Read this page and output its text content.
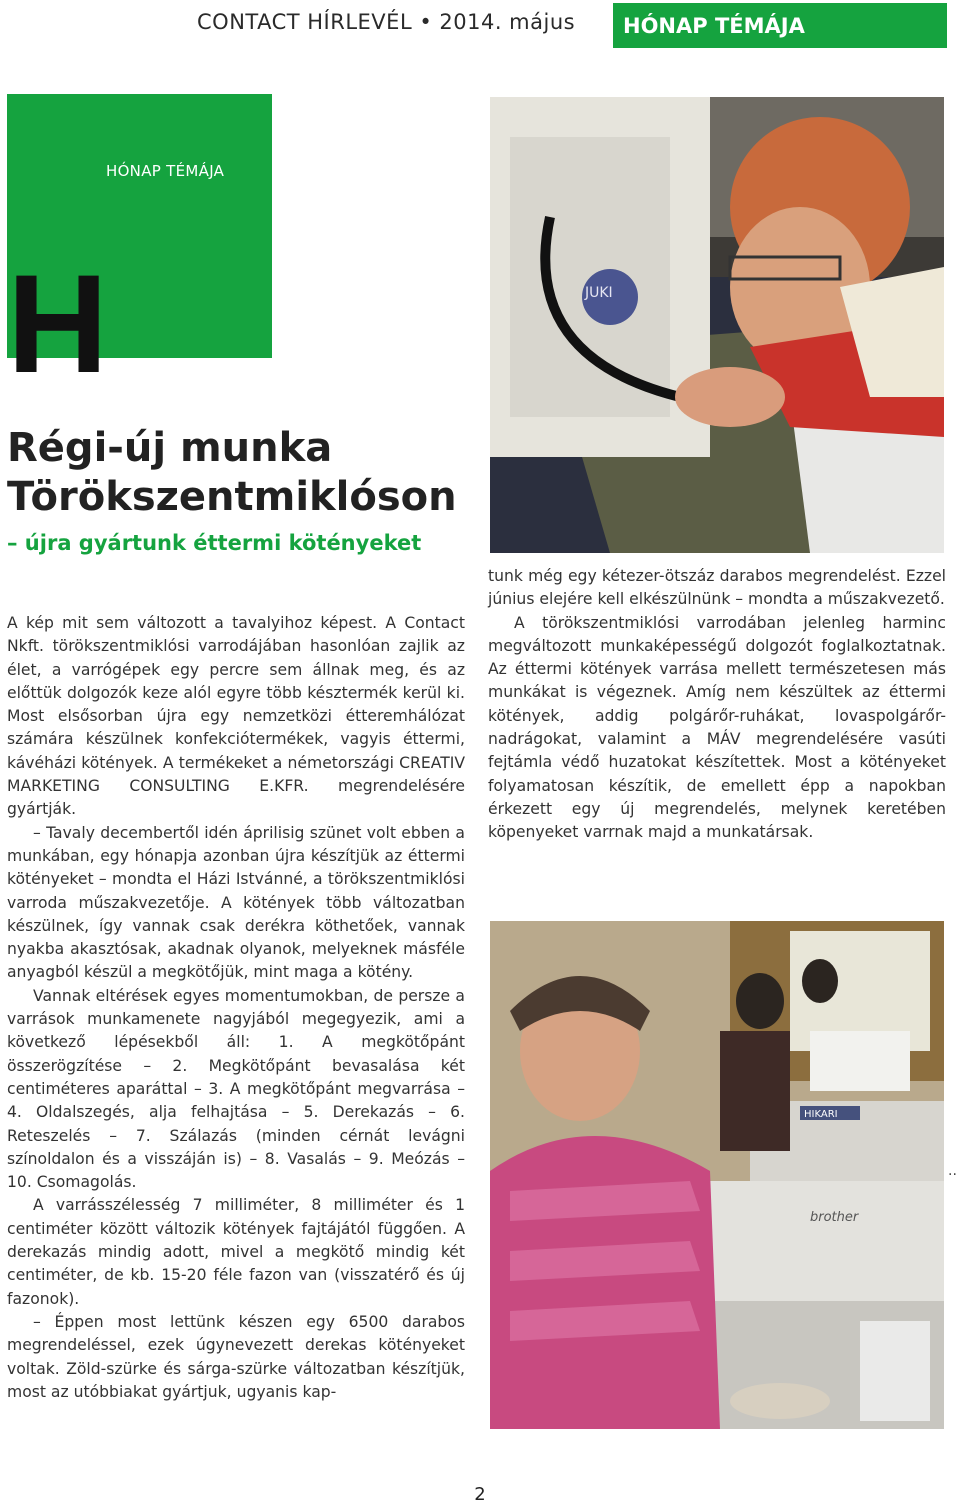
CONTACT HÍRLEVÉL • 2014. május	HÓNAP TÉMÁJA
H
HÓNAP TÉMÁJA
Régi-új munka
Törökszentmiklóson
– újra gyártunk éttermi kötényeket

A kép mit sem változott a tavalyihoz képest. A Contact Nkft. törökszentmiklósi varrodájában hasonlóan zajlik az élet, a varrógépek egy percre sem állnak meg, és az előttük dolgozók keze alól egyre több késztermék kerül ki. Most elsősorban újra egy nemzetközi étteremhálózat számára készülnek konfekciótermékek, vagyis éttermi, kávéházi kötények. A termékeket a németországi CREATIV MARKETING CONSULTING E.KFR. megrendelésére gyártják.

– Tavaly decembertől idén áprilisig szünet volt ebben a munkában, egy hónapja azonban újra készítjük az éttermi kötényeket – mondta el Házi Istvánné, a törökszentmiklósi varroda műszakvezetője. A kötények több változatban készülnek, így vannak csak derékra köthetőek, vannak nyakba akasztósak, akadnak olyanok, melyeknek másféle anyagból készül a megkötőjük, mint maga a kötény.

Vannak eltérések egyes momentumokban, de persze a varrások munkamenete nagyjából megegyezik, ami a következő lépésekből áll: 1. A megkötőpánt összerögzítése – 2. Megkötőpánt bevasalása két centiméteres aparáttal – 3. A megkötőpánt megvarrása – 4. Oldalszegés, alja felhajtása – 5. Derekazás – 6. Reteszelés – 7. Szálazás (minden cérnát levágni színoldalon és a visszáján is) – 8. Vasalás – 9. Meózás – 10. Csomagolás.

A varrásszélesség 7 milliméter, 8 milliméter és 1 centiméter között változik kötények fajtájától függően. A derekazás mindig adott, mivel a megkötő mindig két centiméter, de kb. 15-20 féle fazon van (visszatérő és új fazonok).

– Éppen most lettünk készen egy 6500 darabos megrendeléssel, ezek úgynevezett derekas kötényeket voltak. Zöld-szürke és sárga-szürke változatban készítjük, most az utóbbiakat gyártjuk, ugyanis kap-

tunk még egy kétezer-ötszáz darabos megrendelést. Ezzel június elejére kell elkészülnünk – mondta a műszakvezető.

A törökszentmiklósi varrodában jelenleg harminc megváltozott munkaképességű dolgozót foglalkoztatnak. Az éttermi kötények varrása mellett természetesen más munkákat is végeznek. Amíg nem készültek az éttermi kötények, addig polgárőr-ruhákat, lovaspolgárőr-nadrágokat, valamint a MÁV megrendelésére vasúti fejtámla védő huzatokat készítettek. Most a kötényeket folyamatosan készítik, de emellett épp a napokban érkezett egy új megrendelés, melynek keretében köpenyeket varrnak majd a munkatársak.

JUKI
HIKARI
brother
..
2
